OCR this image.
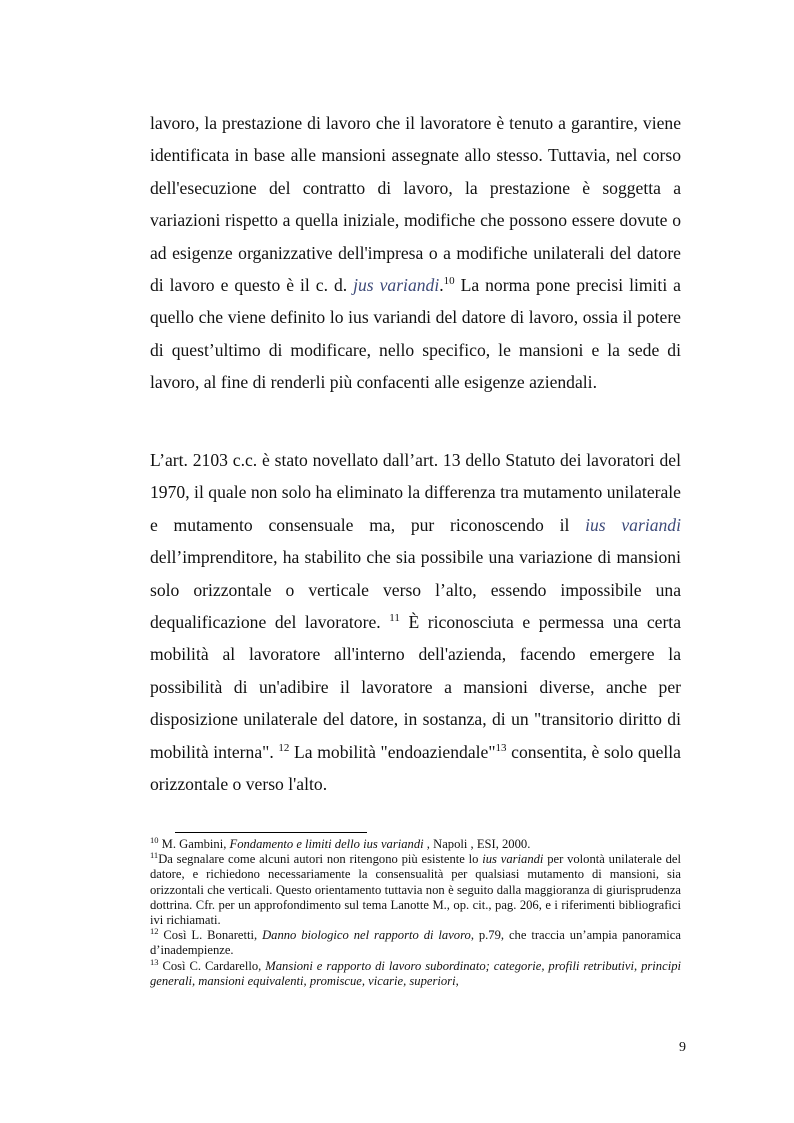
lavoro, la prestazione di lavoro che il lavoratore è tenuto a garantire, viene identificata in base alle mansioni assegnate allo stesso. Tuttavia, nel corso dell'esecuzione del contratto di lavoro, la prestazione è soggetta a variazioni rispetto a quella iniziale, modifiche che possono essere dovute o ad esigenze organizzative dell'impresa o a modifiche unilaterali del datore di lavoro e questo è il c. d. jus variandi.$^{10}$ La norma pone precisi limiti a quello che viene definito lo ius variandi del datore di lavoro, ossia il potere di quest’ultimo di modificare, nello specifico, le mansioni e la sede di lavoro, al fine di renderli più confacenti alle esigenze aziendali.

L’art. 2103 c.c. è stato novellato dall’art. 13 dello Statuto dei lavoratori del 1970, il quale non solo ha eliminato la differenza tra mutamento unilaterale e mutamento consensuale ma, pur riconoscendo il ius variandi dell’imprenditore, ha stabilito che sia possibile una variazione di mansioni solo orizzontale o verticale verso l’alto, essendo impossibile una dequalificazione del lavoratore. $^{11}$ È riconosciuta e permessa una certa mobilità al lavoratore all'interno dell'azienda, facendo emergere la possibilità di un'adibire il lavoratore a mansioni diverse, anche per disposizione unilaterale del datore, in sostanza, di un "transitorio diritto di mobilità interna". $^{12}$ La mobilità "endoaziendale"$^{13}$ consentita, è solo quella orizzontale o verso l'alto.

$^{10}$ M. Gambini, Fondamento e limiti dello ius variandi , Napoli , ESI, 2000.

$^{11}$Da segnalare come alcuni autori non ritengono più esistente lo ius variandi per volontà unilaterale del datore, e richiedono necessariamente la consensualità per qualsiasi mutamento di mansioni, sia orizzontali che verticali. Questo orientamento tuttavia non è seguito dalla maggioranza di giurisprudenza dottrina. Cfr. per un approfondimento sul tema Lanotte M., op. cit., pag. 206, e i riferimenti bibliografici ivi richiamati.

$^{12}$ Così L. Bonaretti, Danno biologico nel rapporto di lavoro, p.79, che traccia un’ampia panoramica d’inadempienze.

$^{13}$ Così C. Cardarello, Mansioni e rapporto di lavoro subordinato; categorie, profili retributivi, principi generali, mansioni equivalenti, promiscue, vicarie, superiori,

9
